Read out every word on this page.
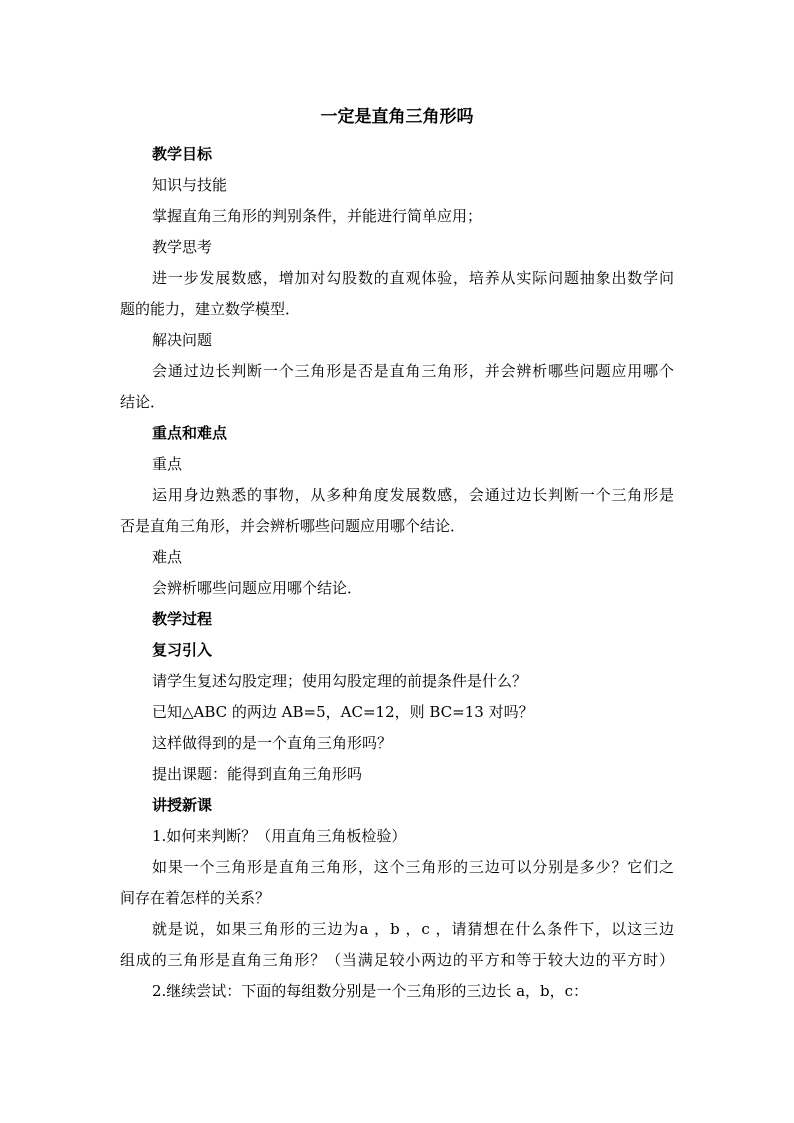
一定是直角三角形吗
教学目标
知识与技能
掌握直角三角形的判别条件，并能进行简单应用；
教学思考
进一步发展数感，增加对勾股数的直观体验，培养从实际问题抽象出数学问
题的能力，建立数学模型．
解决问题
会通过边长判断一个三角形是否是直角三角形，并会辨析哪些问题应用哪个
结论．
重点和难点
重点
运用身边熟悉的事物，从多种角度发展数感，会通过边长判断一个三角形是
否是直角三角形，并会辨析哪些问题应用哪个结论．
难点
会辨析哪些问题应用哪个结论．
教学过程
复习引入
请学生复述勾股定理；使用勾股定理的前提条件是什么？
已知△ABC 的两边 AB=5，AC=12，则 BC=13 对吗？
这样做得到的是一个直角三角形吗？
提出课题：能得到直角三角形吗
讲授新课
1.如何来判断？（用直角三角板检验）
如果一个三角形是直角三角形，这个三角形的三边可以分别是多少？它们之
间存在着怎样的关系？
就是说，如果三角形的三边为a ，b ，c ，请猜想在什么条件下，以这三边
组成的三角形是直角三角形？（当满足较小两边的平方和等于较大边的平方时）
2.继续尝试：下面的每组数分别是一个三角形的三边长 a，b，c：
